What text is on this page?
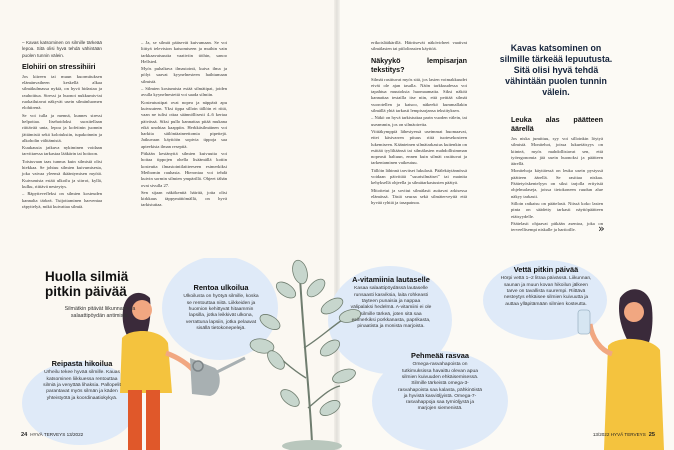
– Kavas katsominen on silmille tärkeää lepoa. Sitä olisi hyvä tehdä vähintään puolen tunnin välein.

Elohiiri on stressihiiri

Jos kiireen tai muun kuormituksen elämänvaiheen keskellä alkaa silmäkulmassa nykiä, on hyvä hidastaa ja rauhoittua. Stressi ja huonot nukkumis-tai ruokailutavat näkyvät usein silmänluomen elohiirenä.

Se voi tulla ja mennä, kunnes stressi helpottaa. Itsehoidoksi suositellaan riittävää unta, lepoa ja kofeiinin juonnin jättämistä sekä kolotuksiin, tupakoinnin ja alkoholin välttämistä.

Kuukausia jatkuva nykiminen voidaan tarvittaessa tarkastaa lääkärin tai hoitoon.

Toistuvaan taas tunnus kuin silmistä olisi hiekkaa. Se johtuu silmien kuivumisesta, joka vaivaa yleensä ikääntymisen myötä. Kuivumista estää ulkoilu ja siirrot, kyllä, kulku, riittävä nesteytys.

– Räpyttevefleksi on silmien kosteuden kannalta tärkeä. Tuijottaminen harventaa räpyttelyä, mikä kuivattaa silmiä.

– Ja, se silmät pääsevät kuivumaan. Se voi liittyä television katsomiseen ja muihin vain tarkkaavaisuutta vaativiin töihin, sanoo Hellsted.

Myös puhaltava ilmastointi, kuiva ilma ja pölyt saavat kyynelnesteen haihtumaan silmistä.

– Silmien kostumista estää silmätipat, joiden avulla kyynelnestettä voi saada silmiin.

Kosteutustipat ovat nopea ja näppärä apu kuivuuteen. Yksi tippa silloin tällöin ei riitä, vaan ne tulisi ottaa säännöllisesti 4–6 kertaa päivässä. Siksi pullo kannattaa pitää mukana eikä unohtaa kaappiin. Herkkäsilmäinen voi harkita säilöntäaineettomia pipettejä. Jatkuvaan käyttöön sopivia tippoja saa apteekista ilman reseptiä.

Pitkään kestänyttä silmien kuivuutta voi hoitaa tippojen ohella lisäämällä kotiin kosteutta ilmastointilaitteeseen esimerkiksi Meibomin rauhasia. Hierontaa voi tehdä kuivin sormin silmien ympärillä. Ohjeet tähän ovat sivulla 27.

Sen sijaan näkökenttä häiritä, jotta olisi kirkkaus täppymättömällä, on hyvä tarkistuttaa.

erikoislääkärillä. Häiritsevät näkövirheet vaativat silmälasien tai piilolinssien käyttöä.

Näkyykö lempisarjan tekstitys?

Silmät rasittuvat myös sitä, jos lasien voimakkuudet eivät ole ajan tasalla. Näön tarkkuudessa voi tapahtua muutoksia huomaamatta. Siksi näköä kannattaa testailla itse niin, että peittää silmät vuorotellen ja katsoo, näkeekö kummallakin silmällä yhtä tarkasti lempisarjansa tekstityksen.

– Näkö on hyvä tarkistuttaa parin vuoden välein, tai useammin, jos on silmäoireita.

Viittäkymppiä lähestyessä useimmat huomaavat, ettei käsivarren pituus riitä tuotesekosteen lukemiseen. Käänteinen silmätarkastus kuitenkin on esittää tyyliltäänsä tai silmälasien mahdollisimman nopeasti haltuun, ennen kuin silmät rasittuvat ja tarkentaminen vaikeutuu.

Tällöin lähinnä tarvitset lukulasit. Päälekäytännössä voidaan päivittää "suurisilmäiset" tai mainita kehyksellä ohjeella ja silmätarkastusten päätyä.

Mitoitetut ja sovitut silmälasit auttavat arkisessa elämässä. Tästä seuraa sekä silmäterveyttä että hyvää ryhtiä ja tasapainoa.

Kavas katsominen on silmille tärkeää lepuutusta. Sitä olisi hyvä tehdä vähintään puolen tunnin välein.
Leuka alas päätteen äärellä

Jos niska jumittuu, syy voi silloinkin löytyä silmistä. Monitehot, joissa lukuetäisyys on kiinteä, myös mahdollistavat sen, että työergonomia jää usein huonoksi ja päätteen äärellä.

Monitehoja käyttäessä on leuka usein pystyssä päätteen äärellä. Se rasittaa niskaa. Päätetyöskentelyyn on siksi tarjolla erityisiä ohjelmalaseja, joissa tietokoneen ruudun alue näkyy tarkasti.

Silloin ratkaisu on päätelasit. Niissä koko lasien pinta on säädetty tarkasti näyttöpäätteen etäisyydelle.

Päätelasit ohjaavat pitkään asentoa, joka on terveellisempi niskalle ja hartioille.	»
Huolla silmiä pitkin päivää
Silmätkin pitävät liikunnasta ja salaattipöydän antimista.
Rentoa ulkoilua
Ulkoilusta on hyötyä silmille, koska se rentouttaa niitä. Liikkeiden ja huomion kehittyvät hitaammin lapsilla, jotka leikkivät ulkona, verrattuna lapsiin, jotka pelaavat sisällä tietokonepelejä.
Reipasta hikoilua
Urheilu tekee hyvää silmille. Kauas katsominen liikkuessa rentouttaa silmiä ja venyttää lihaksia. Pallopelit parantavat myös silmän ja käden yhteistyötä ja koordinaatiokykyä.
A-vitamiinia lautaselle
Kasaa salaattipöydässä lautaselle runsaasti kasviksia, laita rohkeasti täyteen punaisia ja nappaa välipalaksi hedelmä. A-vitamiini ei ole silmille tärkeä, joten sitä saa esimerkiksi porkkanasta, paprikasta, pinaatista ja monista marjoista.
Pehmeää rasvaa
Omega-rasvahapoista on tutkimuksissa havaittu olevan apua silmien kuivuuden ehkäisemisessä. Silmille tärkeistä omega-3-rasvahapoista saa kalasta, pähkinöistä ja hyvistä kasviöljyistä. Omega-7-rasvahappoja saa tyrniöljystä ja marjojen siemenistä.
Vettä pitkin päivää
Hörpi vettä 1–2 litraa päivässä. Liikunnan, saunan ja muun kovan hikoilun jälkeen tarve on tavallista suurempi. Riittävä nesteytys ehkäisee silmien kuivuutta ja auttaa ylläpitämään silmien kosteutta.
24 HYVÄ TERVEYS 13/2022	13/2022 HYVÄ TERVEYS 25
